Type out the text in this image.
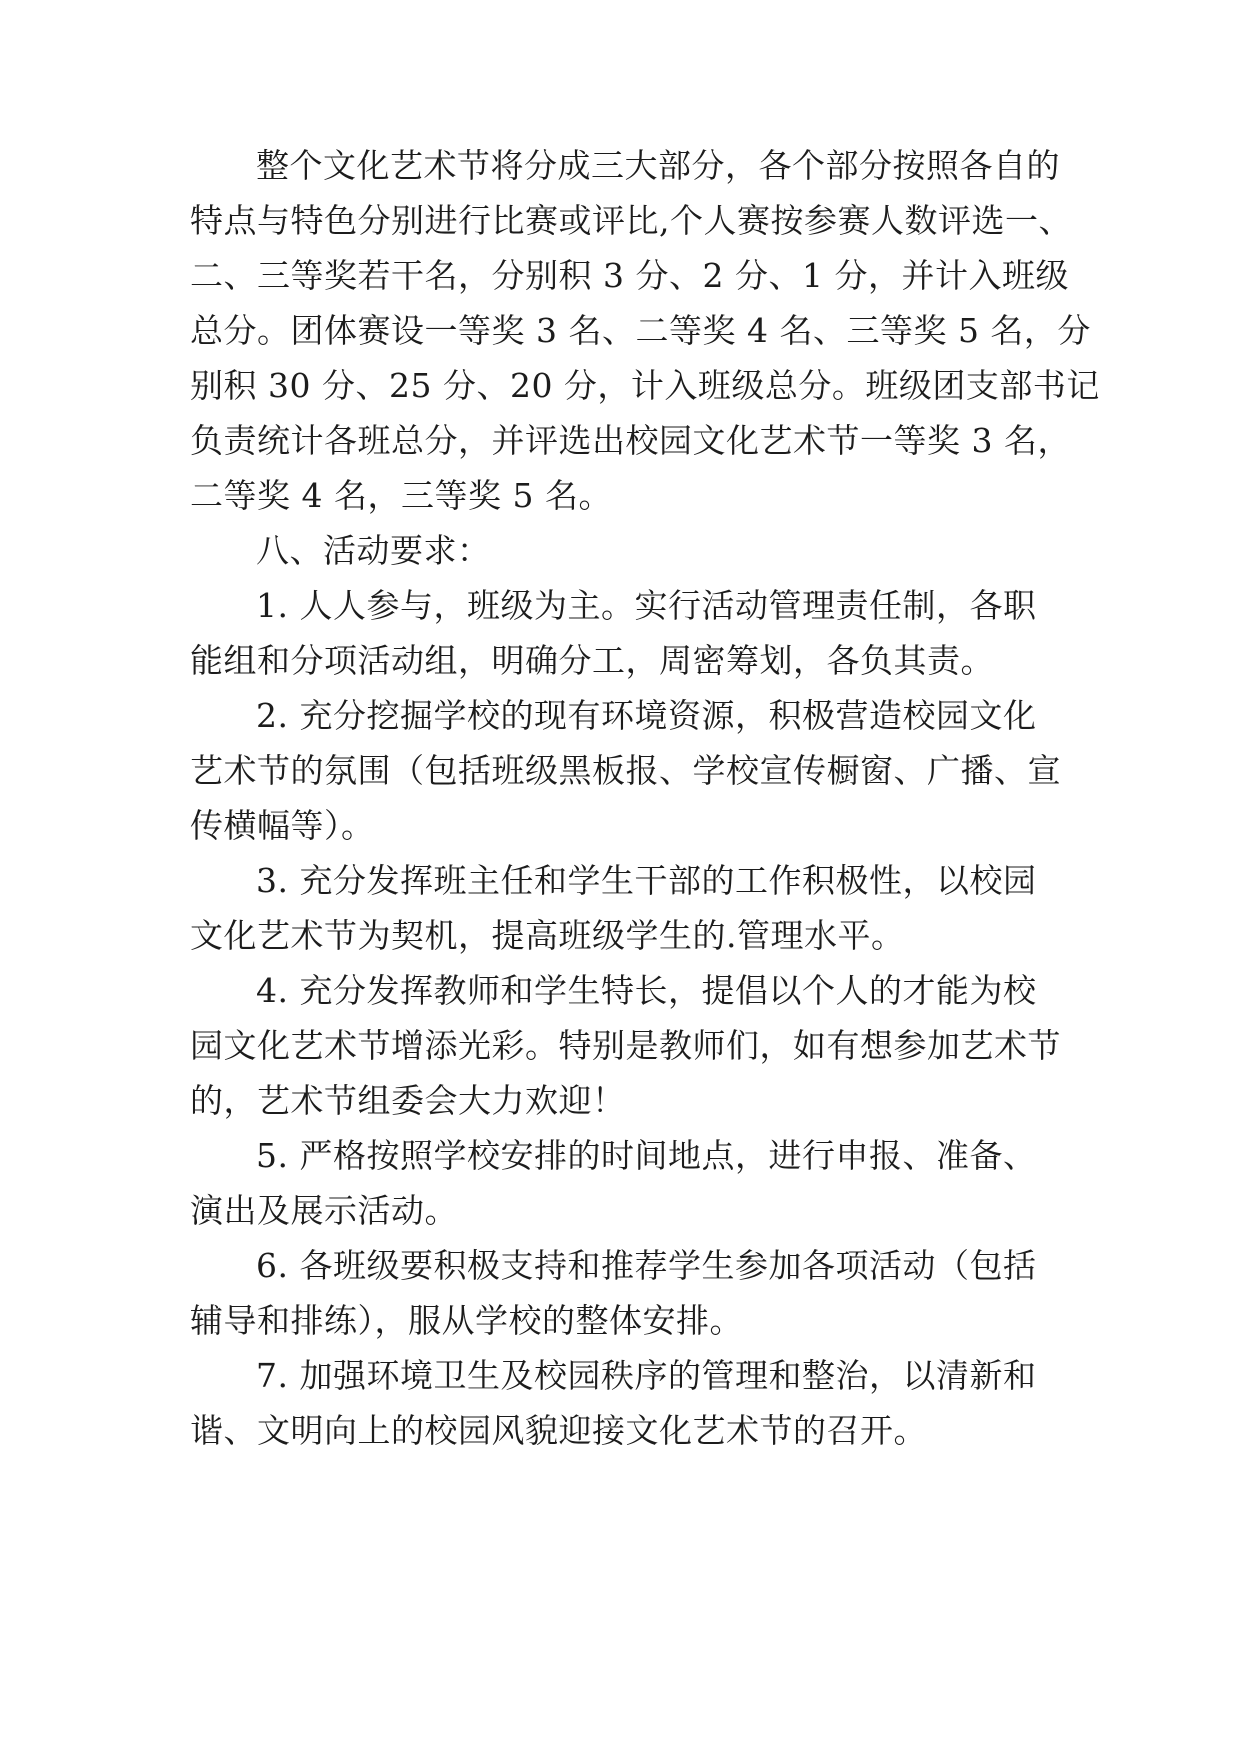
整个文化艺术节将分成三大部分，各个部分按照各自的

特点与特色分别进行比赛或评比,个人赛按参赛人数评选一、

二、三等奖若干名，分别积 3 分、2 分、1 分，并计入班级

总分。团体赛设一等奖 3 名、二等奖 4 名、三等奖 5 名，分

别积 30 分、25 分、20 分，计入班级总分。班级团支部书记

负责统计各班总分，并评选出校园文化艺术节一等奖 3 名，

二等奖 4 名，三等奖 5 名。

八、活动要求：

1. 人人参与，班级为主。实行活动管理责任制，各职

能组和分项活动组，明确分工，周密筹划，各负其责。

2. 充分挖掘学校的现有环境资源，积极营造校园文化

艺术节的氛围（包括班级黑板报、学校宣传橱窗、广播、宣

传横幅等）。

3. 充分发挥班主任和学生干部的工作积极性，以校园

文化艺术节为契机，提高班级学生的.管理水平。

4. 充分发挥教师和学生特长，提倡以个人的才能为校

园文化艺术节增添光彩。特别是教师们，如有想参加艺术节

的，艺术节组委会大力欢迎！

5. 严格按照学校安排的时间地点，进行申报、准备、

演出及展示活动。

6. 各班级要积极支持和推荐学生参加各项活动（包括

辅导和排练），服从学校的整体安排。

7. 加强环境卫生及校园秩序的管理和整治，以清新和

谐、文明向上的校园风貌迎接文化艺术节的召开。
